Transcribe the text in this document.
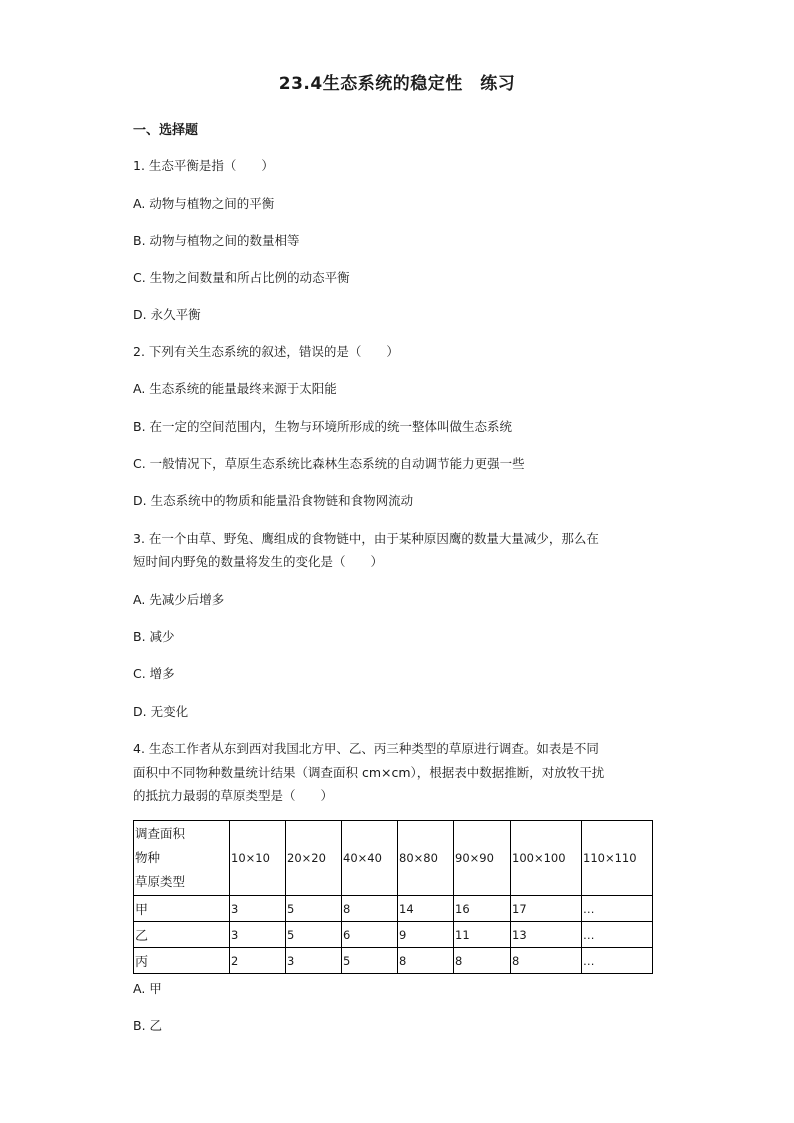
23.4生态系统的稳定性　练习
一、选择题
1. 生态平衡是指（　　）
A. 动物与植物之间的平衡
B. 动物与植物之间的数量相等
C. 生物之间数量和所占比例的动态平衡
D. 永久平衡
2. 下列有关生态系统的叙述，错误的是（　　）
A. 生态系统的能量最终来源于太阳能
B. 在一定的空间范围内，生物与环境所形成的统一整体叫做生态系统
C. 一般情况下，草原生态系统比森林生态系统的自动调节能力更强一些
D. 生态系统中的物质和能量沿食物链和食物网流动
3. 在一个由草、野兔、鹰组成的食物链中，由于某种原因鹰的数量大量减少，那么在
短时间内野兔的数量将发生的变化是（　　）
A. 先减少后增多
B. 减少
C. 增多
D. 无变化
4. 生态工作者从东到西对我国北方甲、乙、丙三种类型的草原进行调查。如表是不同
面积中不同物种数量统计结果（调查面积 cm×cm），根据表中数据推断，对放牧干扰
的抵抗力最弱的草原类型是（　　）
调查面积
物种
草原类型	10×10	20×20	40×40	80×80	90×90	100×100	110×110
甲	3	5	8	14	16	17	…
乙	3	5	6	9	11	13	…
丙	2	3	5	8	8	8	…
A. 甲
B. 乙
